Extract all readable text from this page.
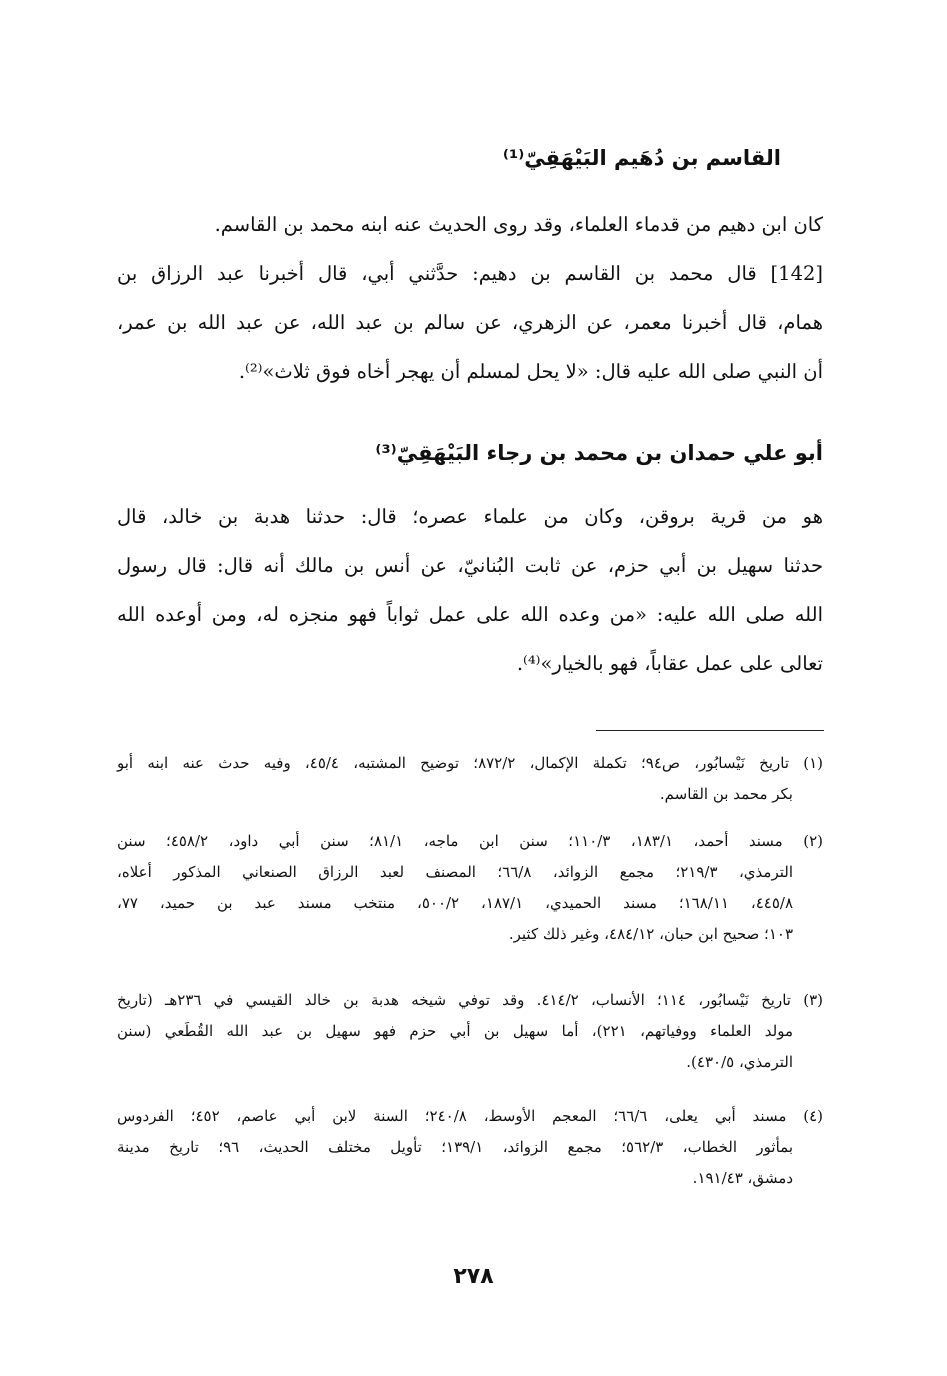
القاسم بن دُهَيم البَيْهَقِيّ⁽¹⁾
كان ابن دهيم من قدماء العلماء، وقد روى الحديث عنه ابنه محمد بن القاسم.
[142] قال محمد بن القاسم بن دهيم: حدَّثني أبي، قال أخبرنا عبد الرزاق بن
همام، قال أخبرنا معمر، عن الزهري، عن سالم بن عبد الله، عن عبد الله بن عمر،
أن النبي صلى الله عليه قال: «لا يحل لمسلم أن يهجر أخاه فوق ثلاث»⁽²⁾.
أبو علي حمدان بن محمد بن رجاء البَيْهَقِيّ⁽³⁾
هو من قرية بروقن، وكان من علماء عصره؛ قال: حدثنا هدبة بن خالد، قال
حدثنا سهيل بن أبي حزم، عن ثابت البُنانيّ، عن أنس بن مالك أنه قال: قال رسول
الله صلى الله عليه: «من وعده الله على عمل ثواباً فهو منجزه له، ومن أوعده الله
تعالى على عمل عقاباً، فهو بالخيار»⁽⁴⁾.
(١) تاريخ نَيْسابُور، ص٩٤؛ تكملة الإكمال، ٨٧٢/٢؛ توضيح المشتبه، ٤٥/٤، وفيه حدث عنه ابنه أبو
بكر محمد بن القاسم.
(٢) مسند أحمد، ١٨٣/١، ١١٠/٣؛ سنن ابن ماجه، ٨١/١؛ سنن أبي داود، ٤٥٨/٢؛ سنن
الترمذي، ٢١٩/٣؛ مجمع الزوائد، ٦٦/٨؛ المصنف لعبد الرزاق الصنعاني المذكور أعلاه،
٤٤٥/٨، ١٦٨/١١؛ مسند الحميدي، ١٨٧/١، ٥٠٠/٢، منتخب مسند عبد بن حميد، ٧٧،
١٠٣؛ صحيح ابن حبان، ٤٨٤/١٢، وغير ذلك كثير.
(٣) تاريخ نَيْسابُور، ١١٤؛ الأنساب، ٤١٤/٢. وقد توفي شيخه هدبة بن خالد القيسي في ٢٣٦هـ (تاريخ
مولد العلماء ووفياتهم، ٢٢١)، أما سهيل بن أبي حزم فهو سهيل بن عبد الله القُطَعي (سنن
الترمذي، ٤٣٠/٥).
(٤) مسند أبي يعلى، ٦٦/٦؛ المعجم الأوسط، ٢٤٠/٨؛ السنة لابن أبي عاصم، ٤٥٢؛ الفردوس
بمأثور الخطاب، ٥٦٢/٣؛ مجمع الزوائد، ١٣٩/١؛ تأويل مختلف الحديث، ٩٦؛ تاريخ مدينة
دمشق، ١٩١/٤٣.
٢٧٨
